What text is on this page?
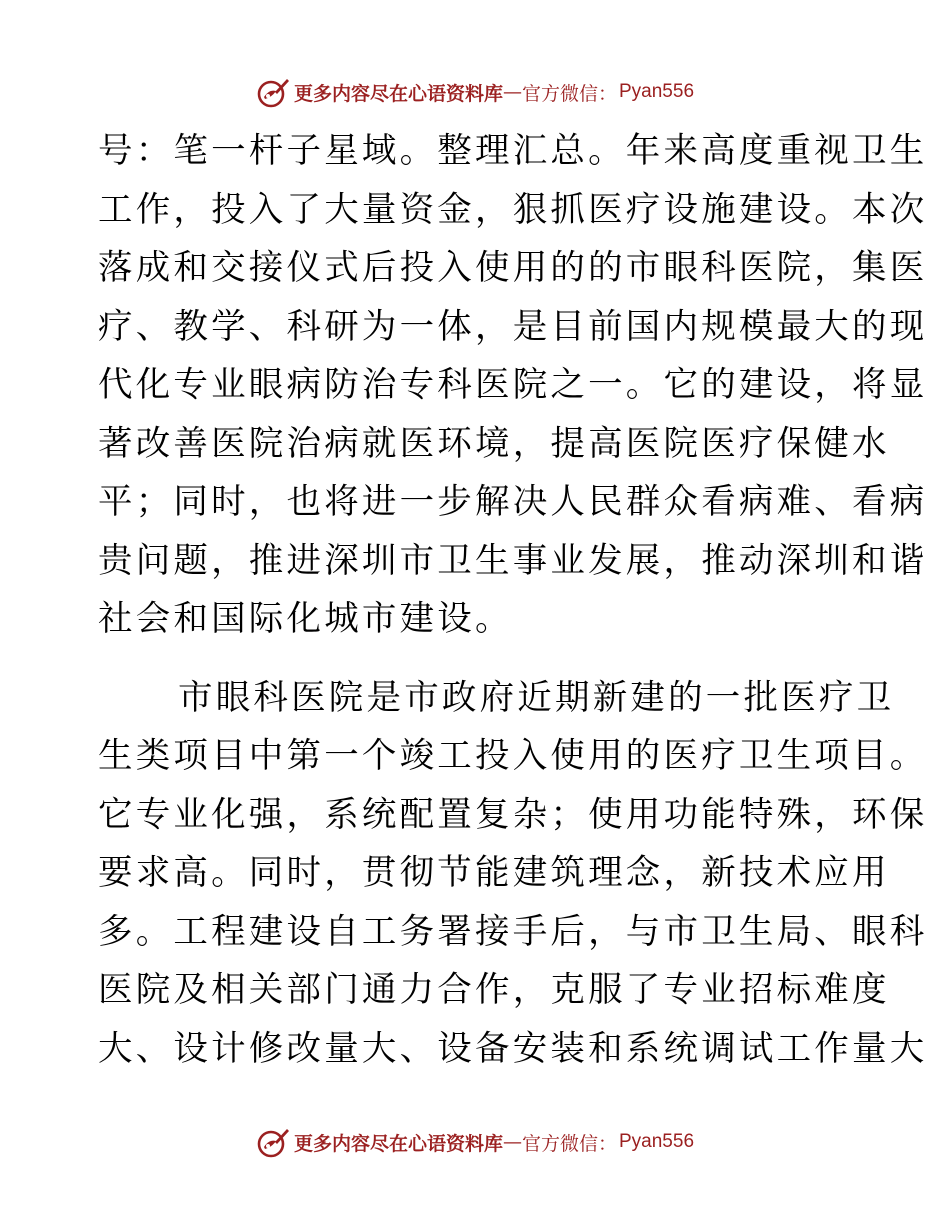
更多内容尽在心语资料库 — 官方微信： Pyan556
号：笔一杆子星域。整理汇总。年来高度重视卫生
工作，投入了大量资金，狠抓医疗设施建设。本次
落成和交接仪式后投入使用的的市眼科医院，集医
疗、教学、科研为一体，是目前国内规模最大的现
代化专业眼病防治专科医院之一。它的建设，将显
著改善医院治病就医环境，提高医院医疗保健水
平；同时，也将进一步解决人民群众看病难、看病
贵问题，推进深圳市卫生事业发展，推动深圳和谐
社会和国际化城市建设。
市眼科医院是市政府近期新建的一批医疗卫
生类项目中第一个竣工投入使用的医疗卫生项目。
它专业化强，系统配置复杂；使用功能特殊，环保
要求高。同时，贯彻节能建筑理念，新技术应用
多。工程建设自工务署接手后，与市卫生局、眼科
医院及相关部门通力合作，克服了专业招标难度
大、设计修改量大、设备安装和系统调试工作量大
更多内容尽在心语资料库 — 官方微信： Pyan556
